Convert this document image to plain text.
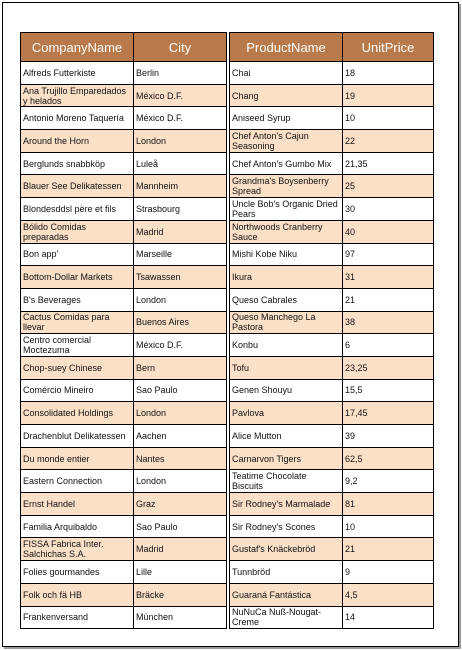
CompanyName	City
Alfreds Futterkiste	Berlin
Ana Trujillo Emparedados
y helados	México D.F.
Antonio Moreno Taquería	México D.F.
Around the Horn	London
Berglunds snabbköp	Luleå
Blauer See Delikatessen	Mannheim
Blondesddsl père et fils	Strasbourg
Bólido Comidas
preparadas	Madrid
Bon app'	Marseille
Bottom-Dollar Markets	Tsawassen
B's Beverages	London
Cactus Comidas para
llevar	Buenos Aires
Centro comercial
Moctezuma	México D.F.
Chop-suey Chinese	Bern
Comércio Mineiro	Sao Paulo
Consolidated Holdings	London
Drachenblut Delikatessen	Aachen
Du monde entier	Nantes
Eastern Connection	London
Ernst Handel	Graz
Familia Arquibaldo	Sao Paulo
FISSA Fabrica Inter.
Salchichas S.A.	Madrid
Folies gourmandes	Lille
Folk och fä HB	Bräcke
Frankenversand	München
ProductName	UnitPrice
Chai	18
Chang	19
Aniseed Syrup	10
Chef Anton's Cajun
Seasoning	22
Chef Anton's Gumbo Mix	21,35
Grandma's Boysenberry
Spread	25
Uncle Bob's Organic Dried
Pears	30
Northwoods Cranberry
Sauce	40
Mishi Kobe Niku	97
Ikura	31
Queso Cabrales	21
Queso Manchego La
Pastora	38
Konbu	6
Tofu	23,25
Genen Shouyu	15,5
Pavlova	17,45
Alice Mutton	39
Carnarvon Tigers	62,5
Teatime Chocolate
Biscuits	9,2
Sir Rodney's Marmalade	81
Sir Rodney's Scones	10
Gustaf's Knäckebröd	21
Tunnbröd	9
Guaraná Fantástica	4,5
NuNuCa Nuß-Nougat-
Creme	14
